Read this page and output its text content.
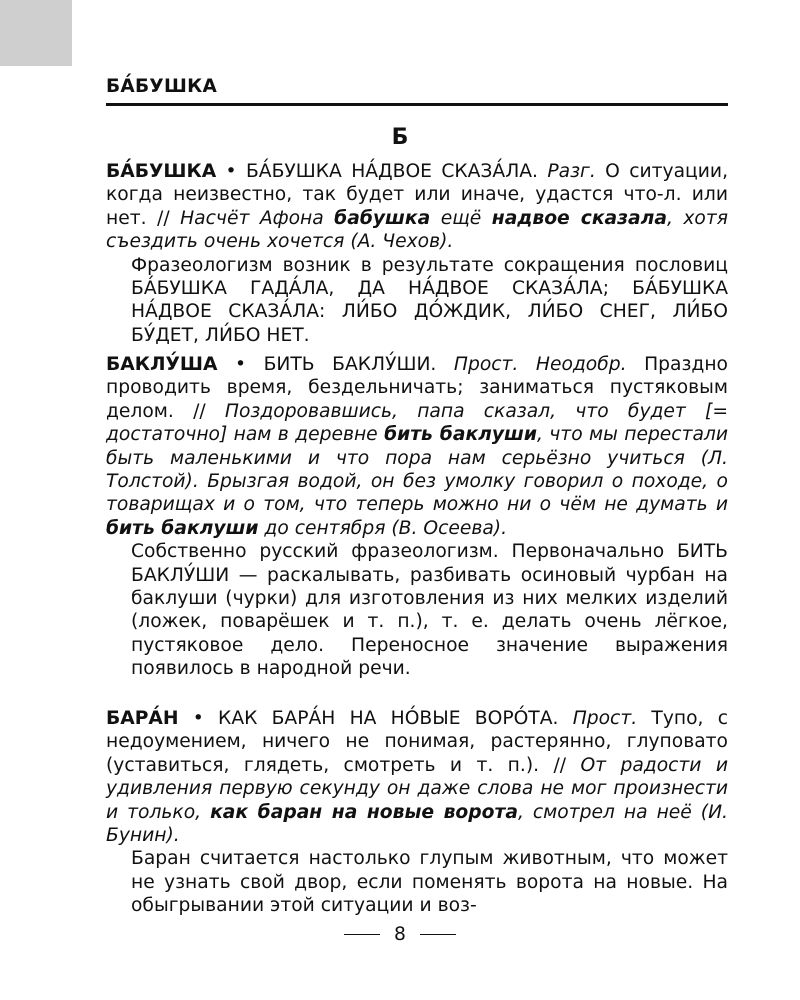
БА́БУШКА
Б

БА́БУШКА • БА́БУШКА НА́ДВОЕ СКАЗА́ЛА. Разг. О ситуации, когда неизвестно, так будет или иначе, удастся что-л. или нет. // Насчёт Афона бабушка ещё надвое сказала, хотя съездить очень хочется (А. Чехов).

Фразеологизм возник в результате сокращения пословиц БА́БУШКА ГАДА́ЛА, ДА НА́ДВОЕ СКАЗА́ЛА; БА́БУШКА НА́ДВОЕ СКАЗА́ЛА: ЛИ́БО ДО́ЖДИК, ЛИ́БО СНЕГ, ЛИ́БО БУ́ДЕТ, ЛИ́БО НЕТ.

БАКЛУ́ША • БИТЬ БАКЛУ́ШИ. Прост. Неодобр. Праздно проводить время, бездельничать; заниматься пустяковым делом. // Поздоровавшись, папа сказал, что будет [= достаточно] нам в деревне бить баклуши, что мы перестали быть маленькими и что пора нам серьёзно учиться (Л. Толстой). Брызгая водой, он без умолку говорил о походе, о товарищах и о том, что теперь можно ни о чём не думать и бить баклуши до сентября (В. Осеева).

Собственно русский фразеологизм. Первоначально БИТЬ БАКЛУ́ШИ — раскалывать, разбивать осиновый чурбан на баклуши (чурки) для изготовления из них мелких изделий (ложек, поварёшек и т. п.), т. е. делать очень лёгкое, пустяковое дело. Переносное значение выражения появилось в народной речи.

БАРА́Н • КАК БАРА́Н НА НО́ВЫЕ ВОРО́ТА. Прост. Тупо, с недоумением, ничего не понимая, растерянно, глуповато (уставиться, глядеть, смотреть и т. п.). // От радости и удивления первую секунду он даже слова не мог произнести и только, как баран на новые ворота, смотрел на неё (И. Бунин).

Баран считается настолько глупым животным, что может не узнать свой двор, если поменять ворота на новые. На обыгрывании этой ситуации и воз-

8
